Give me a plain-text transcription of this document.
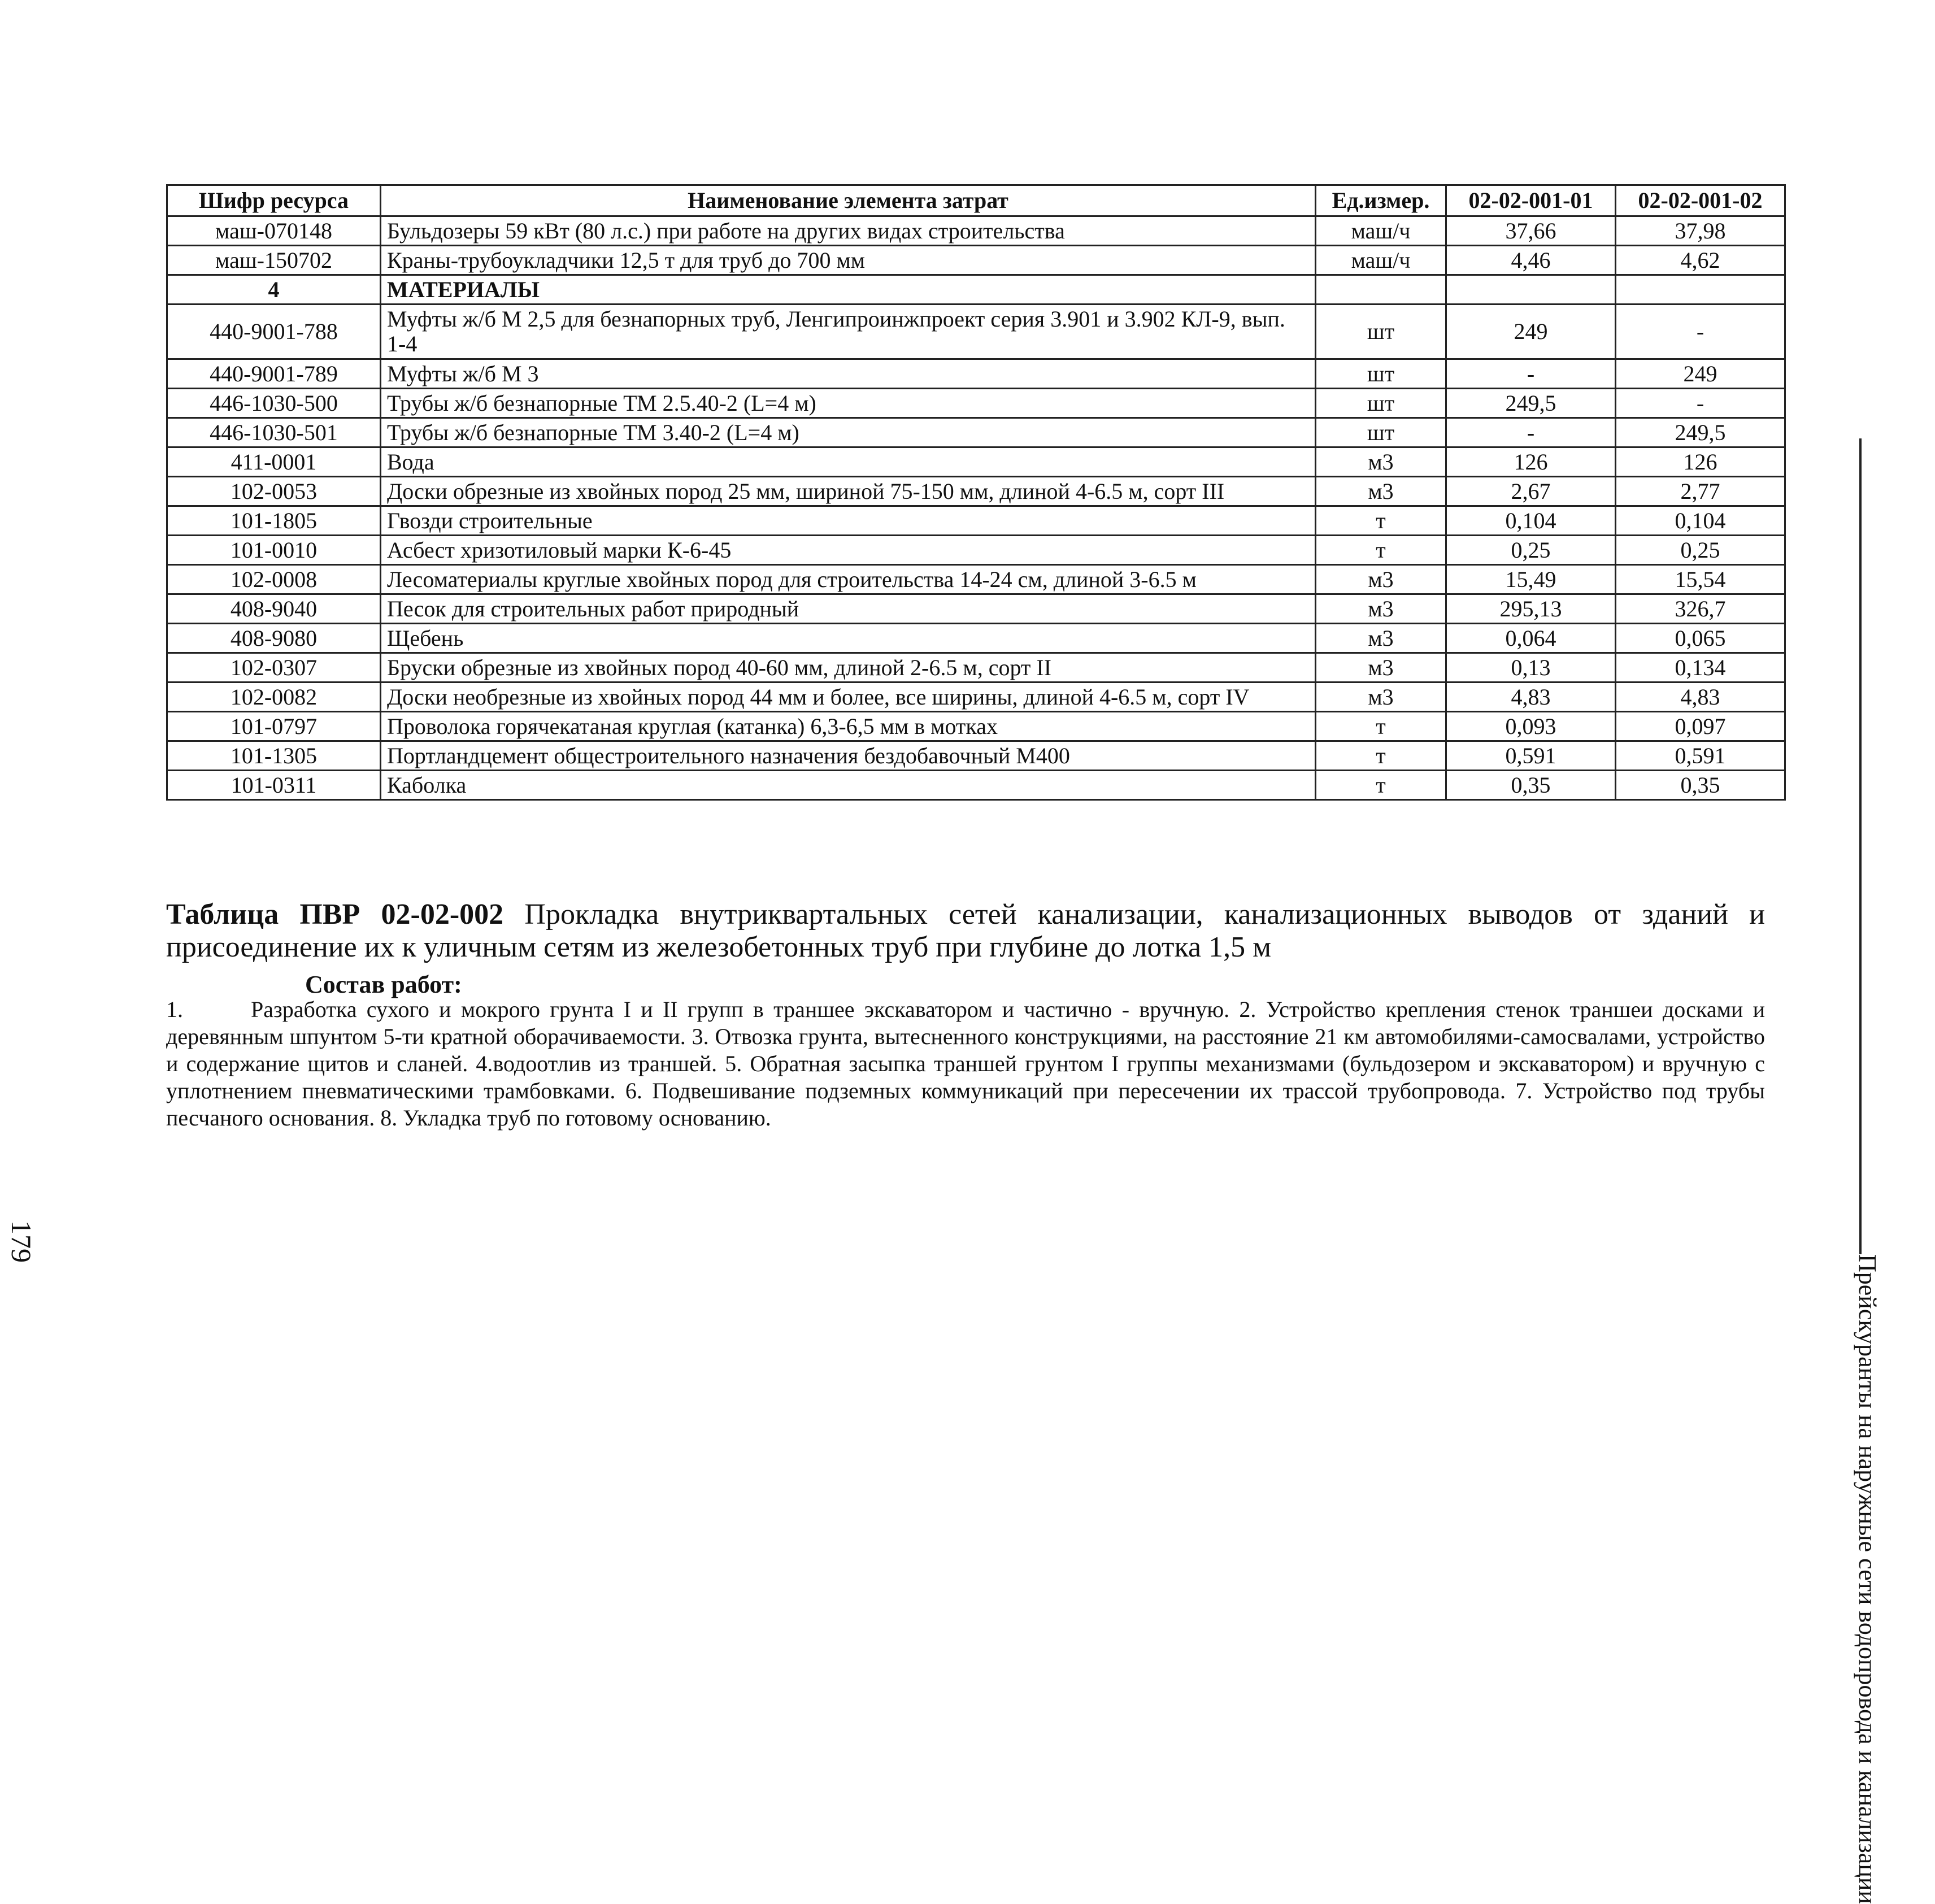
Шифр ресурса	Наименование элемента затрат	Ед.измер.	02-02-001-01	02-02-001-02
маш-070148	Бульдозеры 59 кВт (80 л.с.) при работе на других видах строительства	маш/ч	37,66	37,98
маш-150702	Краны-трубоукладчики 12,5 т для труб до 700 мм	маш/ч	4,46	4,62
4	МАТЕРИАЛЫ			
440-9001-788	Муфты ж/б М 2,5 для безнапорных труб, Ленгипроинжпроект серия 3.901 и 3.902 КЛ-9, вып. 1-4	шт	249	-
440-9001-789	Муфты ж/б М 3	шт	-	249
446-1030-500	Трубы ж/б безнапорные ТМ 2.5.40-2 (L=4 м)	шт	249,5	-
446-1030-501	Трубы ж/б безнапорные ТМ 3.40-2 (L=4 м)	шт	-	249,5
411-0001	Вода	м3	126	126
102-0053	Доски обрезные из хвойных пород 25 мм, шириной 75-150 мм, длиной 4-6.5 м, сорт III	м3	2,67	2,77
101-1805	Гвозди строительные	т	0,104	0,104
101-0010	Асбест хризотиловый марки К-6-45	т	0,25	0,25
102-0008	Лесоматериалы круглые хвойных пород для строительства 14-24 см, длиной 3-6.5 м	м3	15,49	15,54
408-9040	Песок для строительных работ природный	м3	295,13	326,7
408-9080	Щебень	м3	0,064	0,065
102-0307	Бруски обрезные из хвойных пород 40-60 мм, длиной 2-6.5 м, сорт II	м3	0,13	0,134
102-0082	Доски необрезные из хвойных пород 44 мм и более, все ширины, длиной 4-6.5 м, сорт IV	м3	4,83	4,83
101-0797	Проволока горячекатаная круглая (катанка) 6,3-6,5 мм в мотках	т	0,093	0,097
101-1305	Портландцемент общестроительного назначения бездобавочный М400	т	0,591	0,591
101-0311	Каболка	т	0,35	0,35
Таблица ПВР 02-02-002 Прокладка внутриквартальных сетей канализации, канализационных выводов от зданий и присоединение их к уличным сетям из железобетонных труб при глубине до лотка 1,5 м
Состав работ:
1.	Разработка сухого и мокрого грунта I и II групп в траншее экскаватором и частично - вручную. 2. Устройство крепления стенок траншеи досками и деревянным шпунтом 5-ти кратной оборачиваемости. 3. Отвозка грунта, вытесненного конструкциями, на расстояние 21 км автомобилями-самосвалами, устройство и содержание щитов и сланей. 4.водоотлив из траншей. 5. Обратная засыпка траншей грунтом I группы механизмами (бульдозером и экскаватором) и вручную с уплотнением пневматическими трамбовками. 6. Подвешивание подземных коммуникаций при пересечении их трассой трубопровода. 7. Устройство под трубы песчаного основания. 8. Укладка труб по готовому основанию.
Прейскуранты на наружные сети водопровода и канализации
179
